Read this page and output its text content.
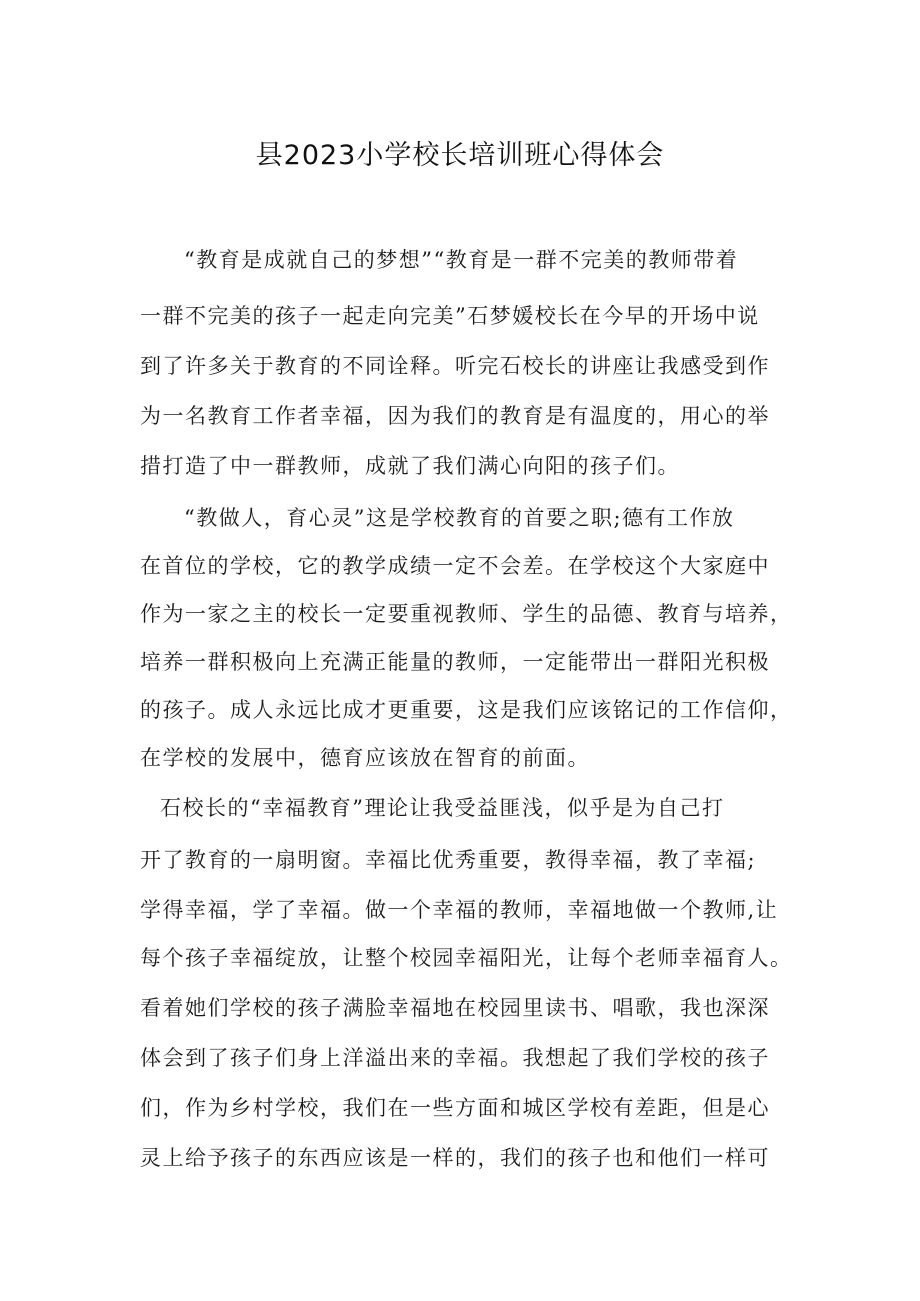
县2023小学校长培训班心得体会

“教育是成就自己的梦想”“教育是一群不完美的教师带着

一群不完美的孩子一起走向完美”石梦媛校长在今早的开场中说

到了许多关于教育的不同诠释。听完石校长的讲座让我感受到作

为一名教育工作者幸福，因为我们的教育是有温度的，用心的举

措打造了中一群教师，成就了我们满心向阳的孩子们。

“教做人，育心灵”这是学校教育的首要之职;德有工作放

在首位的学校，它的教学成绩一定不会差。在学校这个大家庭中

作为一家之主的校长一定要重视教师、学生的品德、教育与培养，

培养一群积极向上充满正能量的教师，一定能带出一群阳光积极

的孩子。成人永远比成才更重要，这是我们应该铭记的工作信仰，

在学校的发展中，德育应该放在智育的前面。

石校长的“幸福教育”理论让我受益匪浅，似乎是为自己打

开了教育的一扇明窗。幸福比优秀重要，教得幸福，教了幸福;

学得幸福，学了幸福。做一个幸福的教师，幸福地做一个教师,让

每个孩子幸福绽放，让整个校园幸福阳光，让每个老师幸福育人。

看着她们学校的孩子满脸幸福地在校园里读书、唱歌，我也深深

体会到了孩子们身上洋溢出来的幸福。我想起了我们学校的孩子

们，作为乡村学校，我们在一些方面和城区学校有差距，但是心

灵上给予孩子的东西应该是一样的，我们的孩子也和他们一样可
